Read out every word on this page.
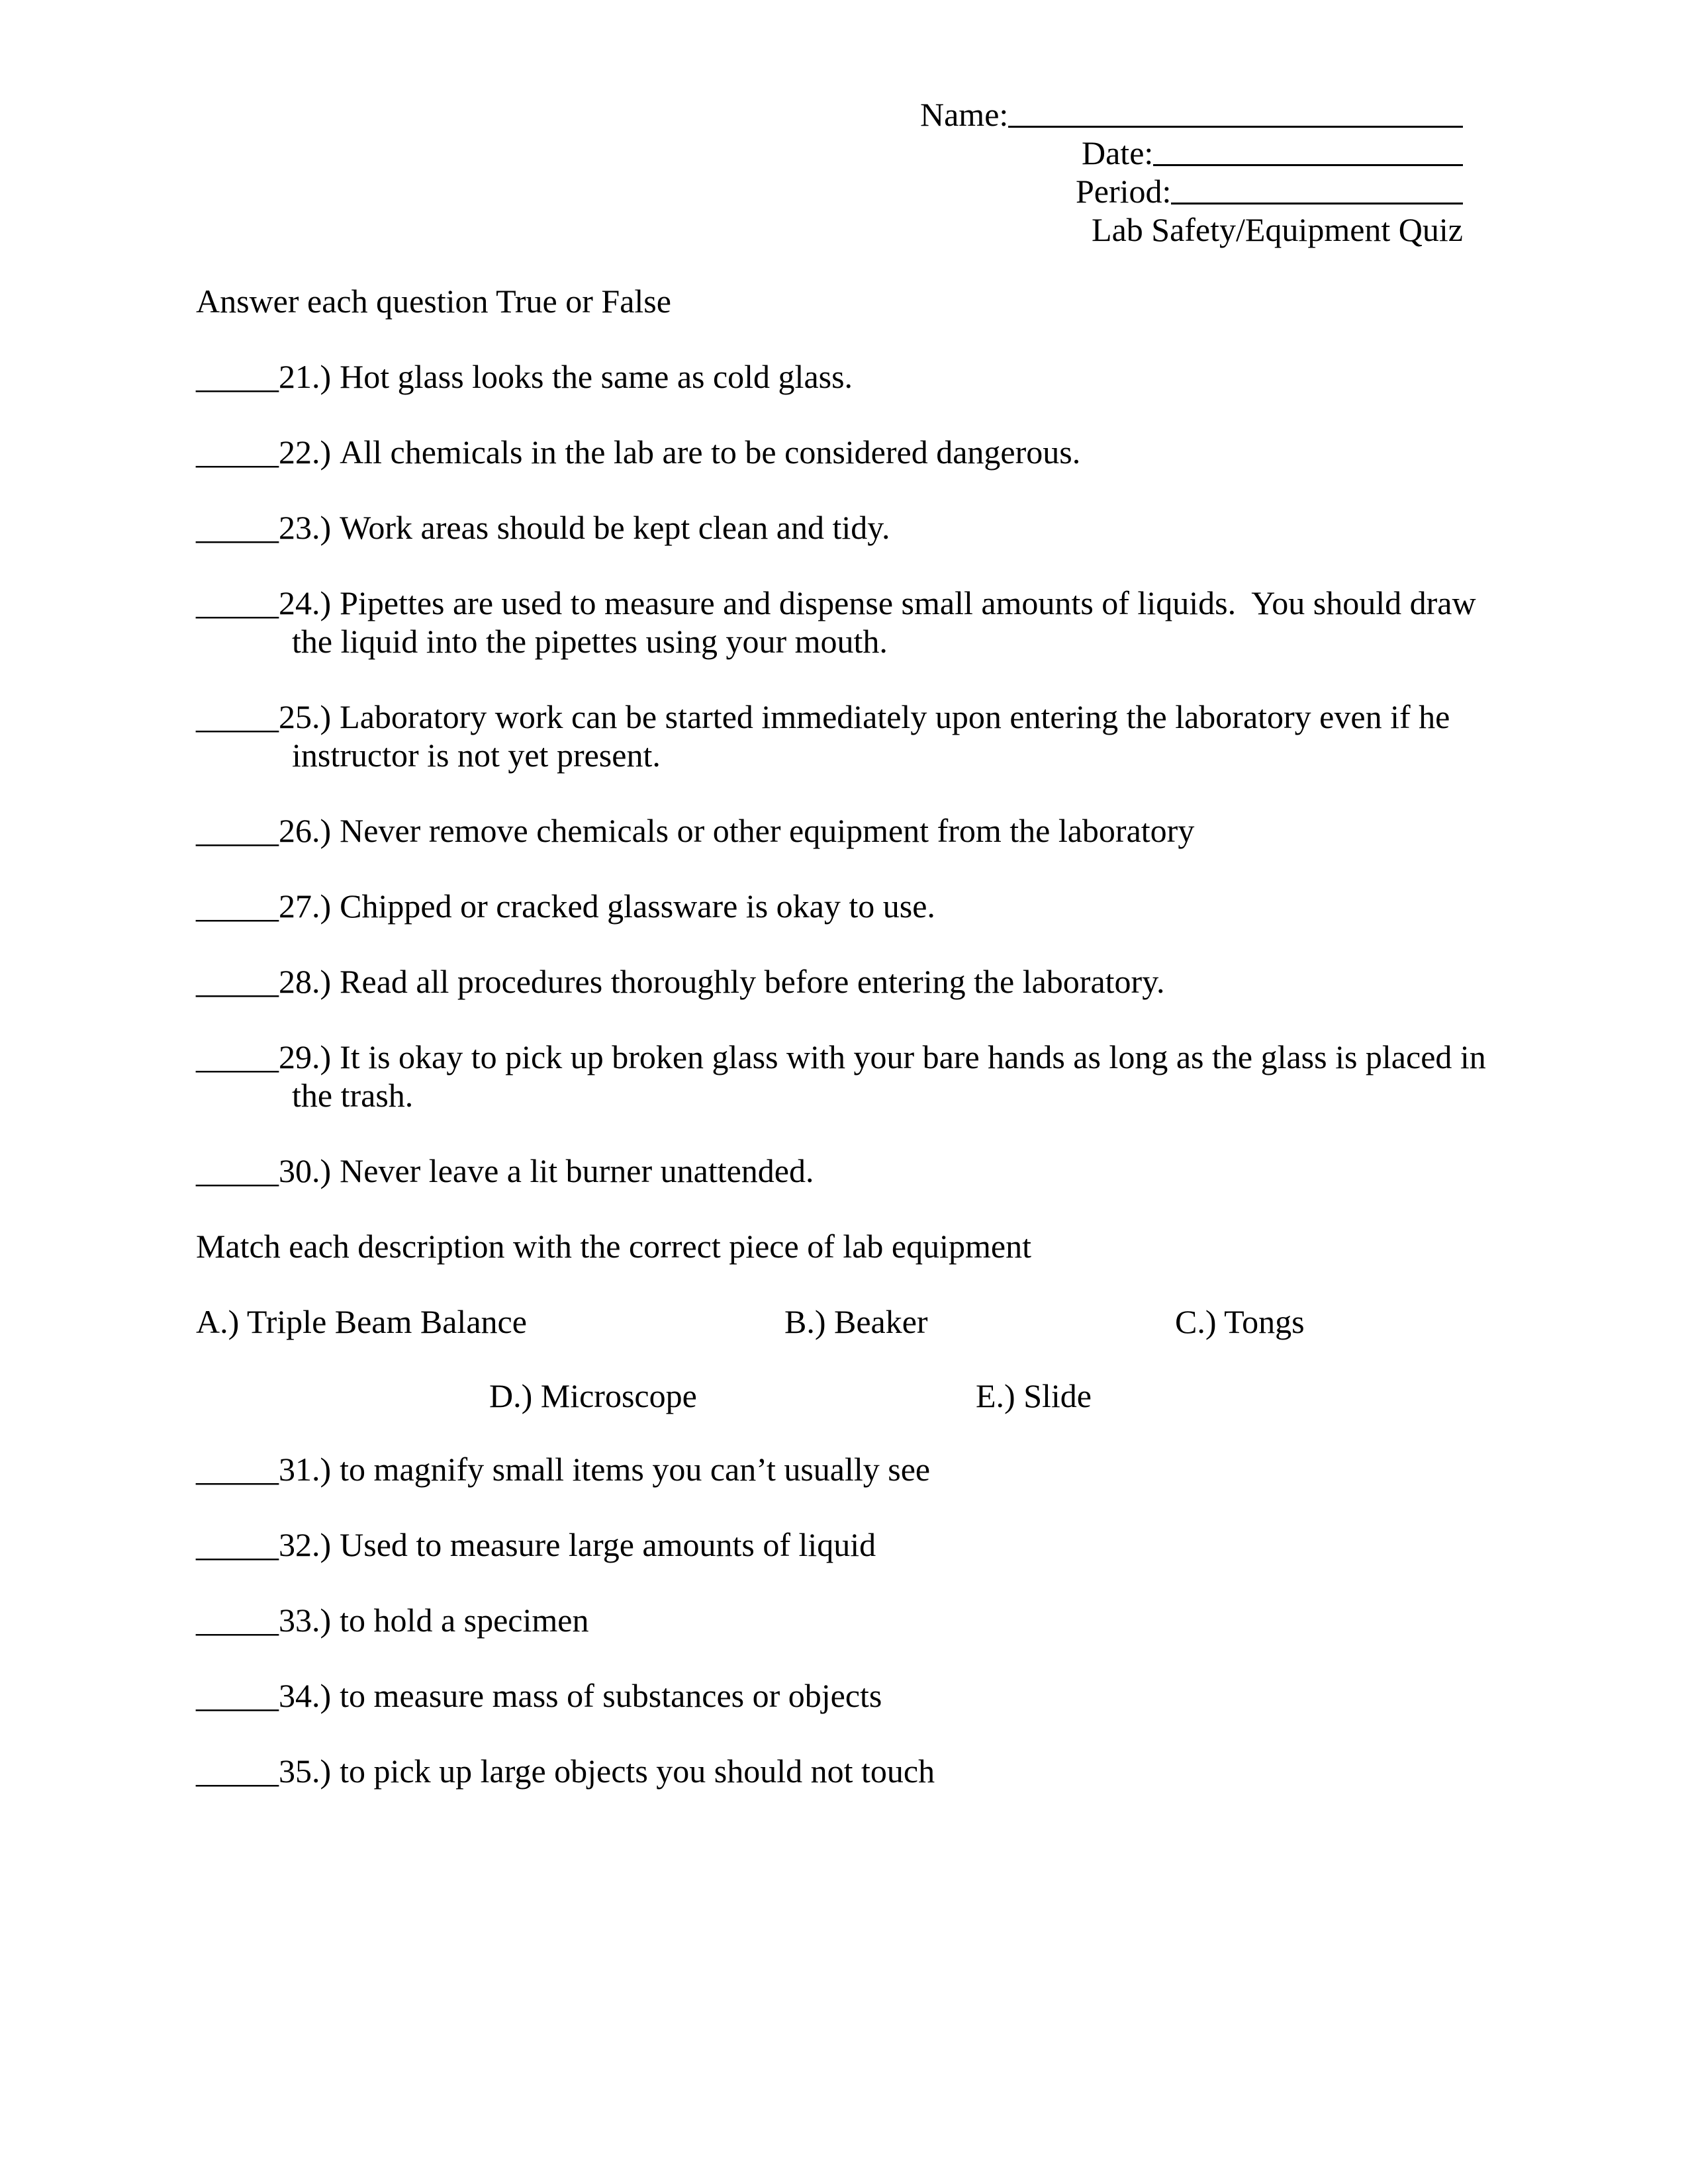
Name:
Date:
Period:
Lab Safety/Equipment Quiz
Answer each question True or False
_____21.) Hot glass looks the same as cold glass.
_____22.) All chemicals in the lab are to be considered dangerous.
_____23.) Work areas should be kept clean and tidy.
_____24.) Pipettes are used to measure and dispense small amounts of liquids.  You should draw
the liquid into the pipettes using your mouth.
_____25.) Laboratory work can be started immediately upon entering the laboratory even if he
instructor is not yet present.
_____26.) Never remove chemicals or other equipment from the laboratory
_____27.) Chipped or cracked glassware is okay to use.
_____28.) Read all procedures thoroughly before entering the laboratory.
_____29.) It is okay to pick up broken glass with your bare hands as long as the glass is placed in
the trash.
_____30.) Never leave a lit burner unattended.
Match each description with the correct piece of lab equipment
A.) Triple Beam Balance	B.) Beaker	C.) Tongs
D.) Microscope	E.) Slide
_____31.) to magnify small items you can’t usually see
_____32.) Used to measure large amounts of liquid
_____33.) to hold a specimen
_____34.) to measure mass of substances or objects
_____35.) to pick up large objects you should not touch
